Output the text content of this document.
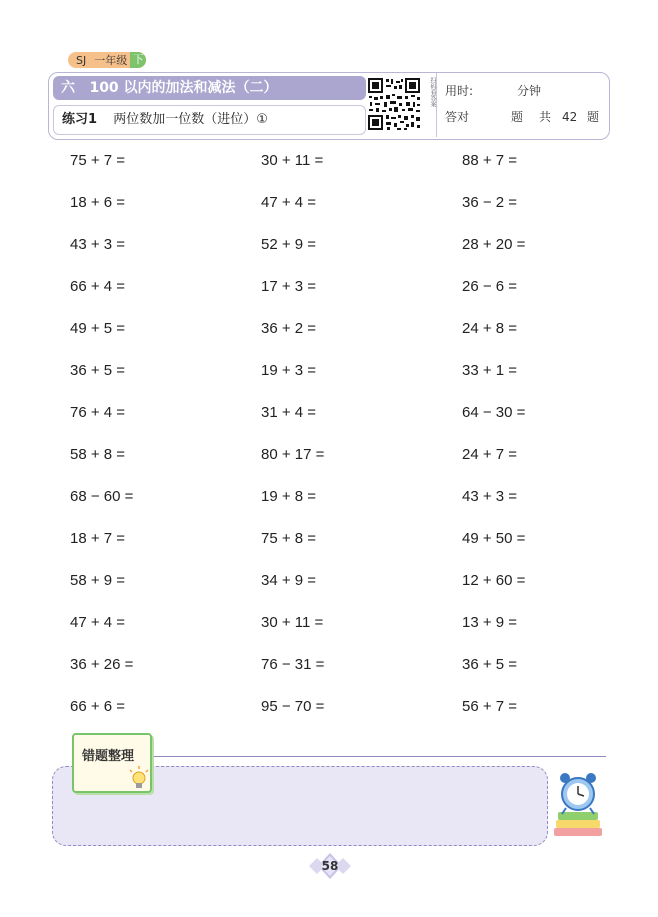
SJ 一年级 下
六 100 以内的加法和减法（二）
练习1 两位数加一位数（进位）①
扫码看答案 用时:	分钟
答对	题 共 42 题
75 + 7 =	30 + 11 =	88 + 7 =
18 + 6 =	47 + 4 =	36 − 2 =
43 + 3 =	52 + 9 =	28 + 20 =
66 + 4 =	17 + 3 =	26 − 6 =
49 + 5 =	36 + 2 =	24 + 8 =
36 + 5 =	19 + 3 =	33 + 1 =
76 + 4 =	31 + 4 =	64 − 30 =
58 + 8 =	80 + 17 =	24 + 7 =
68 − 60 =	19 + 8 =	43 + 3 =
18 + 7 =	75 + 8 =	49 + 50 =
58 + 9 =	34 + 9 =	12 + 60 =
47 + 4 =	30 + 11 =	13 + 9 =
36 + 26 =	76 − 31 =	36 + 5 =
66 + 6 =	95 − 70 =	56 + 7 =
错题整理
58
